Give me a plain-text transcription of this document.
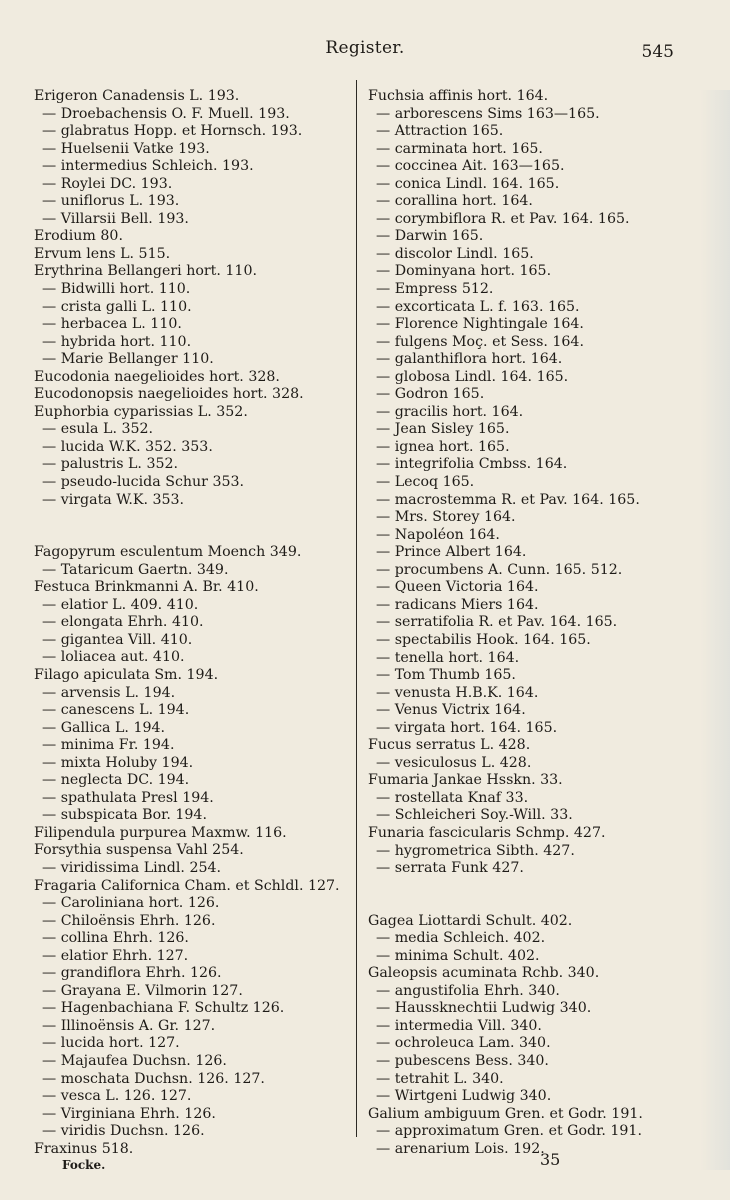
Register.	545
Erigeron Canadensis L. 193.
— Droebachensis O. F. Muell. 193.
— glabratus Hopp. et Hornsch. 193.
— Huelsenii Vatke 193.
— intermedius Schleich. 193.
— Roylei DC. 193.
— uniflorus L. 193.
— Villarsii Bell. 193.
Erodium 80.
Ervum lens L. 515.
Erythrina Bellangeri hort. 110.
— Bidwilli hort. 110.
— crista galli L. 110.
— herbacea L. 110.
— hybrida hort. 110.
— Marie Bellanger 110.
Eucodonia naegelioides hort. 328.
Eucodonopsis naegelioides hort. 328.
Euphorbia cyparissias L. 352.
— esula L. 352.
— lucida W.K. 352. 353.
— palustris L. 352.
— pseudo-lucida Schur 353.
— virgata W.K. 353.
Fagopyrum esculentum Moench 349.
— Tataricum Gaertn. 349.
Festuca Brinkmanni A. Br. 410.
— elatior L. 409. 410.
— elongata Ehrh. 410.
— gigantea Vill. 410.
— loliacea aut. 410.
Filago apiculata Sm. 194.
— arvensis L. 194.
— canescens L. 194.
— Gallica L. 194.
— minima Fr. 194.
— mixta Holuby 194.
— neglecta DC. 194.
— spathulata Presl 194.
— subspicata Bor. 194.
Filipendula purpurea Maxmw. 116.
Forsythia suspensa Vahl 254.
— viridissima Lindl. 254.
Fragaria Californica Cham. et Schldl. 127.
— Caroliniana hort. 126.
— Chiloënsis Ehrh. 126.
— collina Ehrh. 126.
— elatior Ehrh. 127.
— grandiflora Ehrh. 126.
— Grayana E. Vilmorin 127.
— Hagenbachiana F. Schultz 126.
— Illinoënsis A. Gr. 127.
— lucida hort. 127.
— Majaufea Duchsn. 126.
— moschata Duchsn. 126. 127.
— vesca L. 126. 127.
— Virginiana Ehrh. 126.
— viridis Duchsn. 126.
Fraxinus 518.
Fuchsia affinis hort. 164.
— arborescens Sims 163—165.
— Attraction 165.
— carminata hort. 165.
— coccinea Ait. 163—165.
— conica Lindl. 164. 165.
— corallina hort. 164.
— corymbiflora R. et Pav. 164. 165.
— Darwin 165.
— discolor Lindl. 165.
— Dominyana hort. 165.
— Empress 512.
— excorticata L. f. 163. 165.
— Florence Nightingale 164.
— fulgens Moç. et Sess. 164.
— galanthiflora hort. 164.
— globosa Lindl. 164. 165.
— Godron 165.
— gracilis hort. 164.
— Jean Sisley 165.
— ignea hort. 165.
— integrifolia Cmbss. 164.
— Lecoq 165.
— macrostemma R. et Pav. 164. 165.
— Mrs. Storey 164.
— Napoléon 164.
— Prince Albert 164.
— procumbens A. Cunn. 165. 512.
— Queen Victoria 164.
— radicans Miers 164.
— serratifolia R. et Pav. 164. 165.
— spectabilis Hook. 164. 165.
— tenella hort. 164.
— Tom Thumb 165.
— venusta H.B.K. 164.
— Venus Victrix 164.
— virgata hort. 164. 165.
Fucus serratus L. 428.
— vesiculosus L. 428.
Fumaria Jankae Hsskn. 33.
— rostellata Knaf 33.
— Schleicheri Soy.-Will. 33.
Funaria fascicularis Schmp. 427.
— hygrometrica Sibth. 427.
— serrata Funk 427.
Gagea Liottardi Schult. 402.
— media Schleich. 402.
— minima Schult. 402.
Galeopsis acuminata Rchb. 340.
— angustifolia Ehrh. 340.
— Haussknechtii Ludwig 340.
— intermedia Vill. 340.
— ochroleuca Lam. 340.
— pubescens Bess. 340.
— tetrahit L. 340.
— Wirtgeni Ludwig 340.
Galium ambiguum Gren. et Godr. 191.
— approximatum Gren. et Godr. 191.
— arenarium Lois. 192.
Focke.	35
